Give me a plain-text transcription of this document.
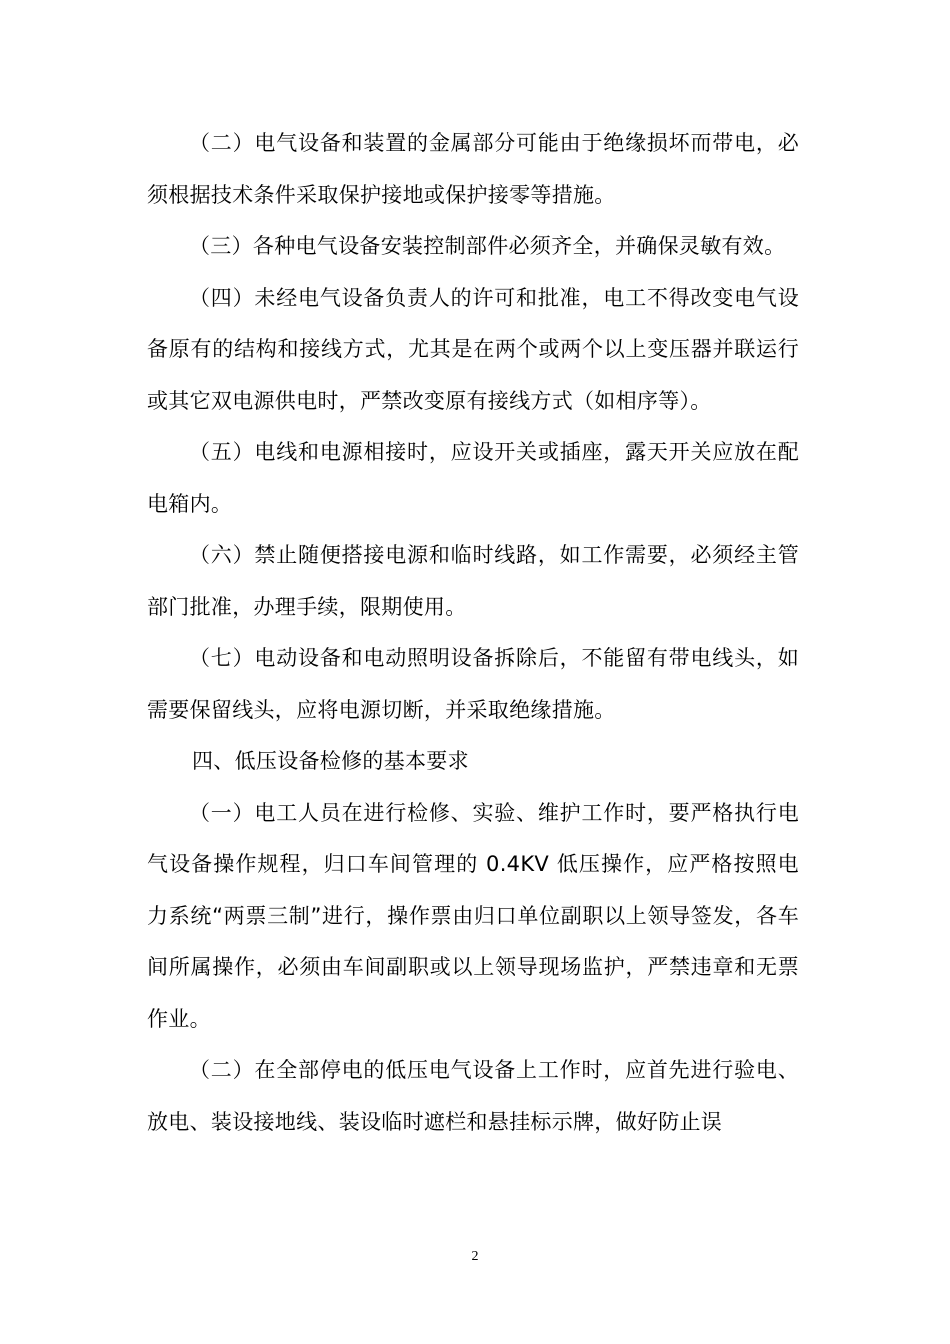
（二）电气设备和装置的金属部分可能由于绝缘损坏而带电，必须根据技术条件采取保护接地或保护接零等措施。

（三）各种电气设备安装控制部件必须齐全，并确保灵敏有效。

（四）未经电气设备负责人的许可和批准，电工不得改变电气设备原有的结构和接线方式，尤其是在两个或两个以上变压器并联运行或其它双电源供电时，严禁改变原有接线方式（如相序等）。

（五）电线和电源相接时，应设开关或插座，露天开关应放在配电箱内。

（六）禁止随便搭接电源和临时线路，如工作需要，必须经主管部门批准，办理手续，限期使用。

（七）电动设备和电动照明设备拆除后，不能留有带电线头，如需要保留线头，应将电源切断，并采取绝缘措施。

四、低压设备检修的基本要求

（一）电工人员在进行检修、实验、维护工作时，要严格执行电气设备操作规程，归口车间管理的 0.4KV 低压操作，应严格按照电力系统“两票三制”进行，操作票由归口单位副职以上领导签发，各车间所属操作，必须由车间副职或以上领导现场监护，严禁违章和无票作业。

（二）在全部停电的低压电气设备上工作时，应首先进行验电、放电、装设接地线、装设临时遮栏和悬挂标示牌，做好防止误

2
